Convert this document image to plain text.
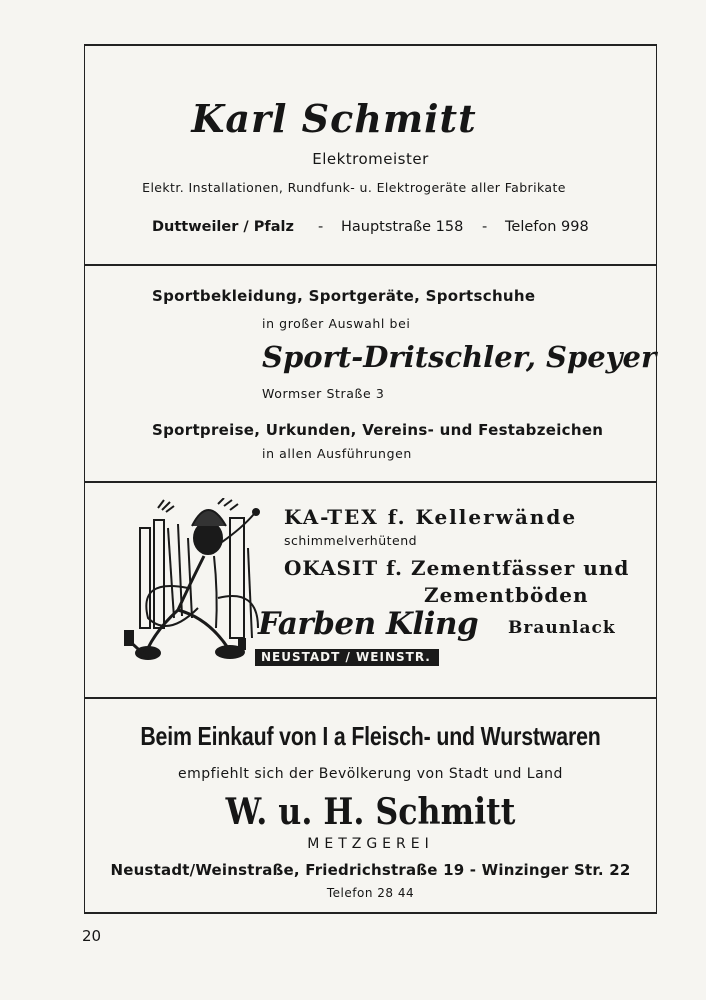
Karl Schmitt
Elektromeister
Elektr. Installationen, Rundfunk- u. Elektrogeräte aller Fabrikate
Duttweiler / Pfalz - Hauptstraße 158 - Telefon 998
Sportbekleidung, Sportgeräte, Sportschuhe
in großer Auswahl bei
Sport-Dritschler, Speyer
Wormser Straße 3
Sportpreise, Urkunden, Vereins- und Festabzeichen
in allen Ausführungen
KA-TEX f. Kellerwände
schimmelverhütend
OKASIT f. Zementfässer und
Zementböden
Farben Kling
NEUSTADT / WEINSTR.
Braunlack
Beim Einkauf von I a Fleisch- und Wurstwaren
empfiehlt sich der Bevölkerung von Stadt und Land
W. u. H. Schmitt
METZGEREI
Neustadt/Weinstraße, Friedrichstraße 19 - Winzinger Str. 22
Telefon 28 44
20
